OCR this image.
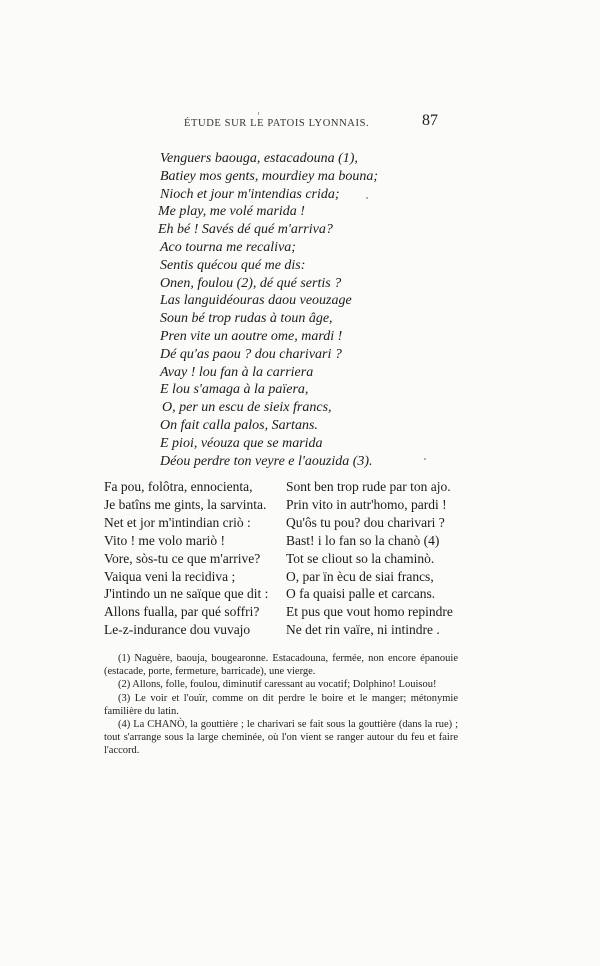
ÉTUDE SUR LE PATOIS LYONNAIS.	87
Venguers baouga, estacadouna (1),
Batiey mos gents, mourdiey ma bouna;
Nioch et jour m'intendias crida;
Me play, me volé marida !
Eh bé ! Savés dé qué m'arriva?
Aco tourna me recaliva;
Sentis quécou qué me dis:
Onen, foulou (2), dé qué sertis ?
Las languidéouras daou veouzage
Soun bé trop rudas à toun âge,
Pren vite un aoutre ome, mardi !
Dé qu'as paou ? dou charivari ?
Avay ! lou fan à la carriera
E lou s'amaga à la païera,
O, per un escu de sieix francs,
On fait calla palos, Sartans.
E pioi, véouza que se marida
Déou perdre ton veyre e l'aouzida (3).
Fa pou, folôtra, ennocienta,
Je batîns me gints, la sarvinta.
Net et jor m'intindian criò :
Vito ! me volo mariò !
Vore, sòs-tu ce que m'arrive?
Vaiqua veni la recidiva ;
J'intindo un ne saïque que dit :
Allons fualla, par qué soffri?
Le-z-indurance dou vuvajo
Sont ben trop rude par ton ajo.
Prin vito in autr'homo, pardi !
Qu'ôs tu pou? dou charivari ?
Bast! i lo fan so la chanò (4)
Tot se cliout so la chaminò.
O, par ïn ècu de siai francs,
O fa quaisi palle et carcans.
Et pus que vout homo repindre
Ne det rin vaïre, ni intindre .

(1) Naguère, baouja, bougearonne. Estacadouna, fermée, non encore épanouie (estacade, porte, fermeture, barricade), une vierge.

(2) Allons, folle, foulou, diminutif caressant au vocatif; Dolphino! Louisou!

(3) Le voir et l'ouïr, comme on dit perdre le boire et le manger; métonymie familière du latin.

(4) La CHANÒ, la gouttière ; le charivari se fait sous la gouttière (dans la rue) ; tout s'arrange sous la large cheminée, où l'on vient se ranger autour du feu et faire l'accord.
